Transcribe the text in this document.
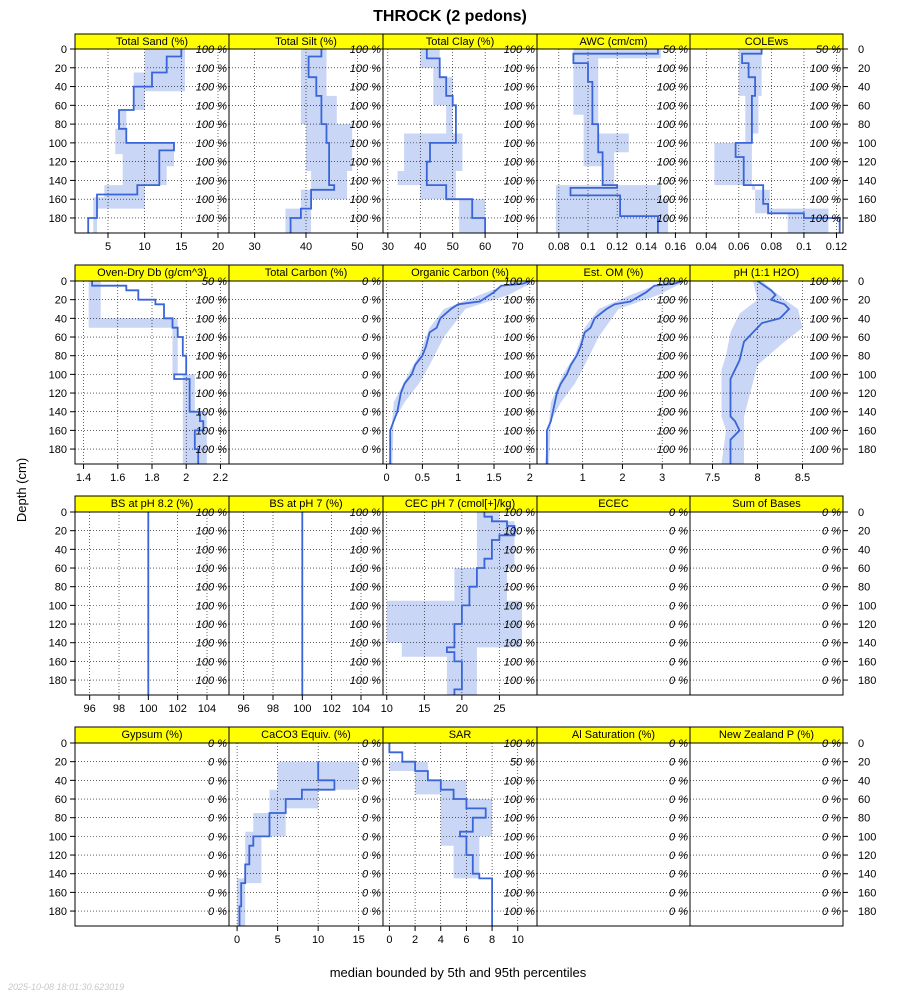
THROCK (2 pedons)
Depth (cm)
median bounded by 5th and 95th percentiles
2025-10-08 18:01:30.623019
Total Sand (%)
100 %
100 %
100 %
100 %
100 %
100 %
100 %
100 %
100 %
100 %
5 10 15 20
0
20
40
60
80
100
120
140
160
180
Total Silt (%)
100 %
100 %
100 %
100 %
100 %
100 %
100 %
100 %
100 %
100 %
30	40	50
Total Clay (%)
100 %
100 %
100 %
100 %
100 %
100 %
100 %
100 %
100 %
100 %
30 40 50 60 70
AWC (cm/cm)
50 %
100 %
100 %
100 %
100 %
100 %
100 %
100 %
100 %
100 %
0.08 0.1 0.12 0.14 0.16
COLEws
50 %
100 %
100 %
100 %
100 %
100 %
100 %
100 %
100 %
100 %
0.04 0.06 0.08 0.1 0.12
0
20
40
60
80
100
120
140
160
180
Oven-Dry Db (g/cm^3)
50 %
100 %
100 %
100 %
100 %
100 %
100 %
100 %
100 %
100 %
1.4 1.6 1.8 2 2.2
0
20
40
60
80
100
120
140
160
180
Total Carbon (%)
0 %
0 %
0 %
0 %
0 %
0 %
0 %
0 %
0 %
0 %
Organic Carbon (%)
100 %
100 %
100 %
100 %
100 %
100 %
100 %
100 %
100 %
100 %
0 0.5 1 1.5 2
Est. OM (%)
100 %
100 %
100 %
100 %
100 %
100 %
100 %
100 %
100 %
100 %
1	2	3
pH (1:1 H2O)
100 %
100 %
100 %
100 %
100 %
100 %
100 %
100 %
100 %
100 %
7.5	8	8.5
0
20
40
60
80
100
120
140
160
180
BS at pH 8.2 (%)
100 %
100 %
100 %
100 %
100 %
100 %
100 %
100 %
100 %
100 %
96 98 100 102 104
0
20
40
60
80
100
120
140
160
180
BS at pH 7 (%)
100 %
100 %
100 %
100 %
100 %
100 %
100 %
100 %
100 %
100 %
96 98 100 102 104
CEC pH 7 (cmol[+]/kg)
100 %
100 %
100 %
100 %
100 %
100 %
100 %
100 %
100 %
100 %
10 15 20 25
ECEC
0 %
0 %
0 %
0 %
0 %
0 %
0 %
0 %
0 %
0 %
Sum of Bases
0 %
0 %
0 %
0 %
0 %
0 %
0 %
0 %
0 %
0 %
0
20
40
60
80
100
120
140
160
180
Gypsum (%)
0 %
0 %
0 %
0 %
0 %
0 %
0 %
0 %
0 %
0 %
0
20
40
60
80
100
120
140
160
180
CaCO3 Equiv. (%)
0 %
0 %
0 %
0 %
0 %
0 %
0 %
0 %
0 %
0 %
0	5	10	15
SAR
100 %
50 %
100 %
100 %
100 %
100 %
100 %
100 %
100 %
100 %
0 2 4 6 8 10
Al Saturation (%)
0 %
0 %
0 %
0 %
0 %
0 %
0 %
0 %
0 %
0 %
New Zealand P (%)
0 %
0 %
0 %
0 %
0 %
0 %
0 %
0 %
0 %
0 %
0
20
40
60
80
100
120
140
160
180
